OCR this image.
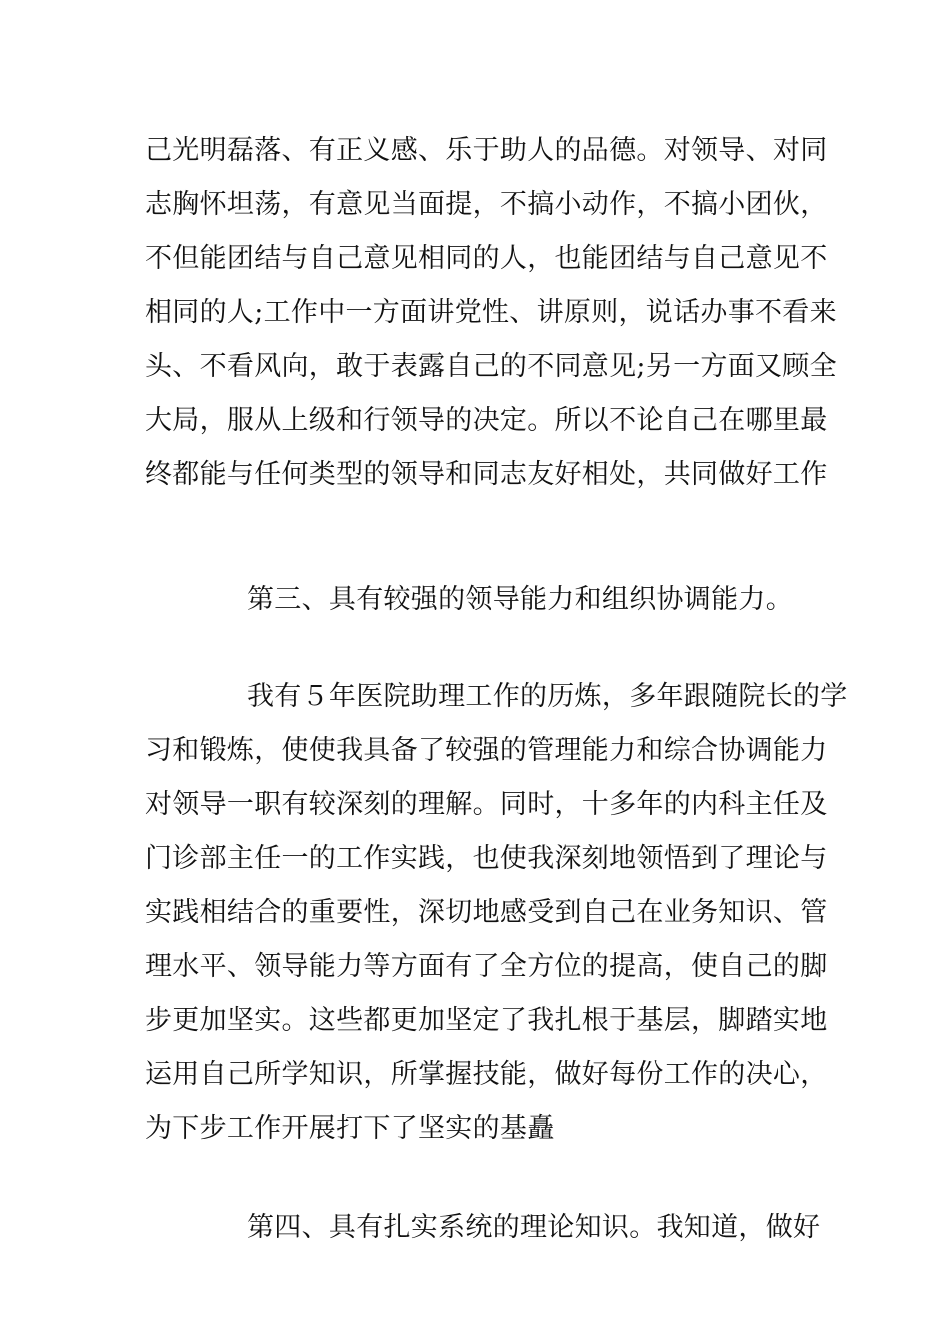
己光明磊落、有正义感、乐于助人的品德。对领导、对同
志胸怀坦荡，有意见当面提，不搞小动作，不搞小团伙，
不但能团结与自己意见相同的人，也能团结与自己意见不
相同的人;工作中一方面讲党性、讲原则，说话办事不看来
头、不看风向，敢于表露自己的不同意见;另一方面又顾全
大局，服从上级和行领导的决定。所以不论自己在哪里最
终都能与任何类型的领导和同志友好相处，共同做好工作
第三、具有较强的领导能力和组织协调能力。
我有５年医院助理工作的历炼，多年跟随院长的学
习和锻炼，使使我具备了较强的管理能力和综合协调能力
对领导一职有较深刻的理解。同时，十多年的内科主任及
门诊部主任一的工作实践，也使我深刻地领悟到了理论与
实践相结合的重要性，深切地感受到自己在业务知识、管
理水平、领导能力等方面有了全方位的提高，使自己的脚
步更加坚实。这些都更加坚定了我扎根于基层，脚踏实地
运用自己所学知识，所掌握技能，做好每份工作的决心，
为下步工作开展打下了坚实的基矗
第四、具有扎实系统的理论知识。我知道，做好
